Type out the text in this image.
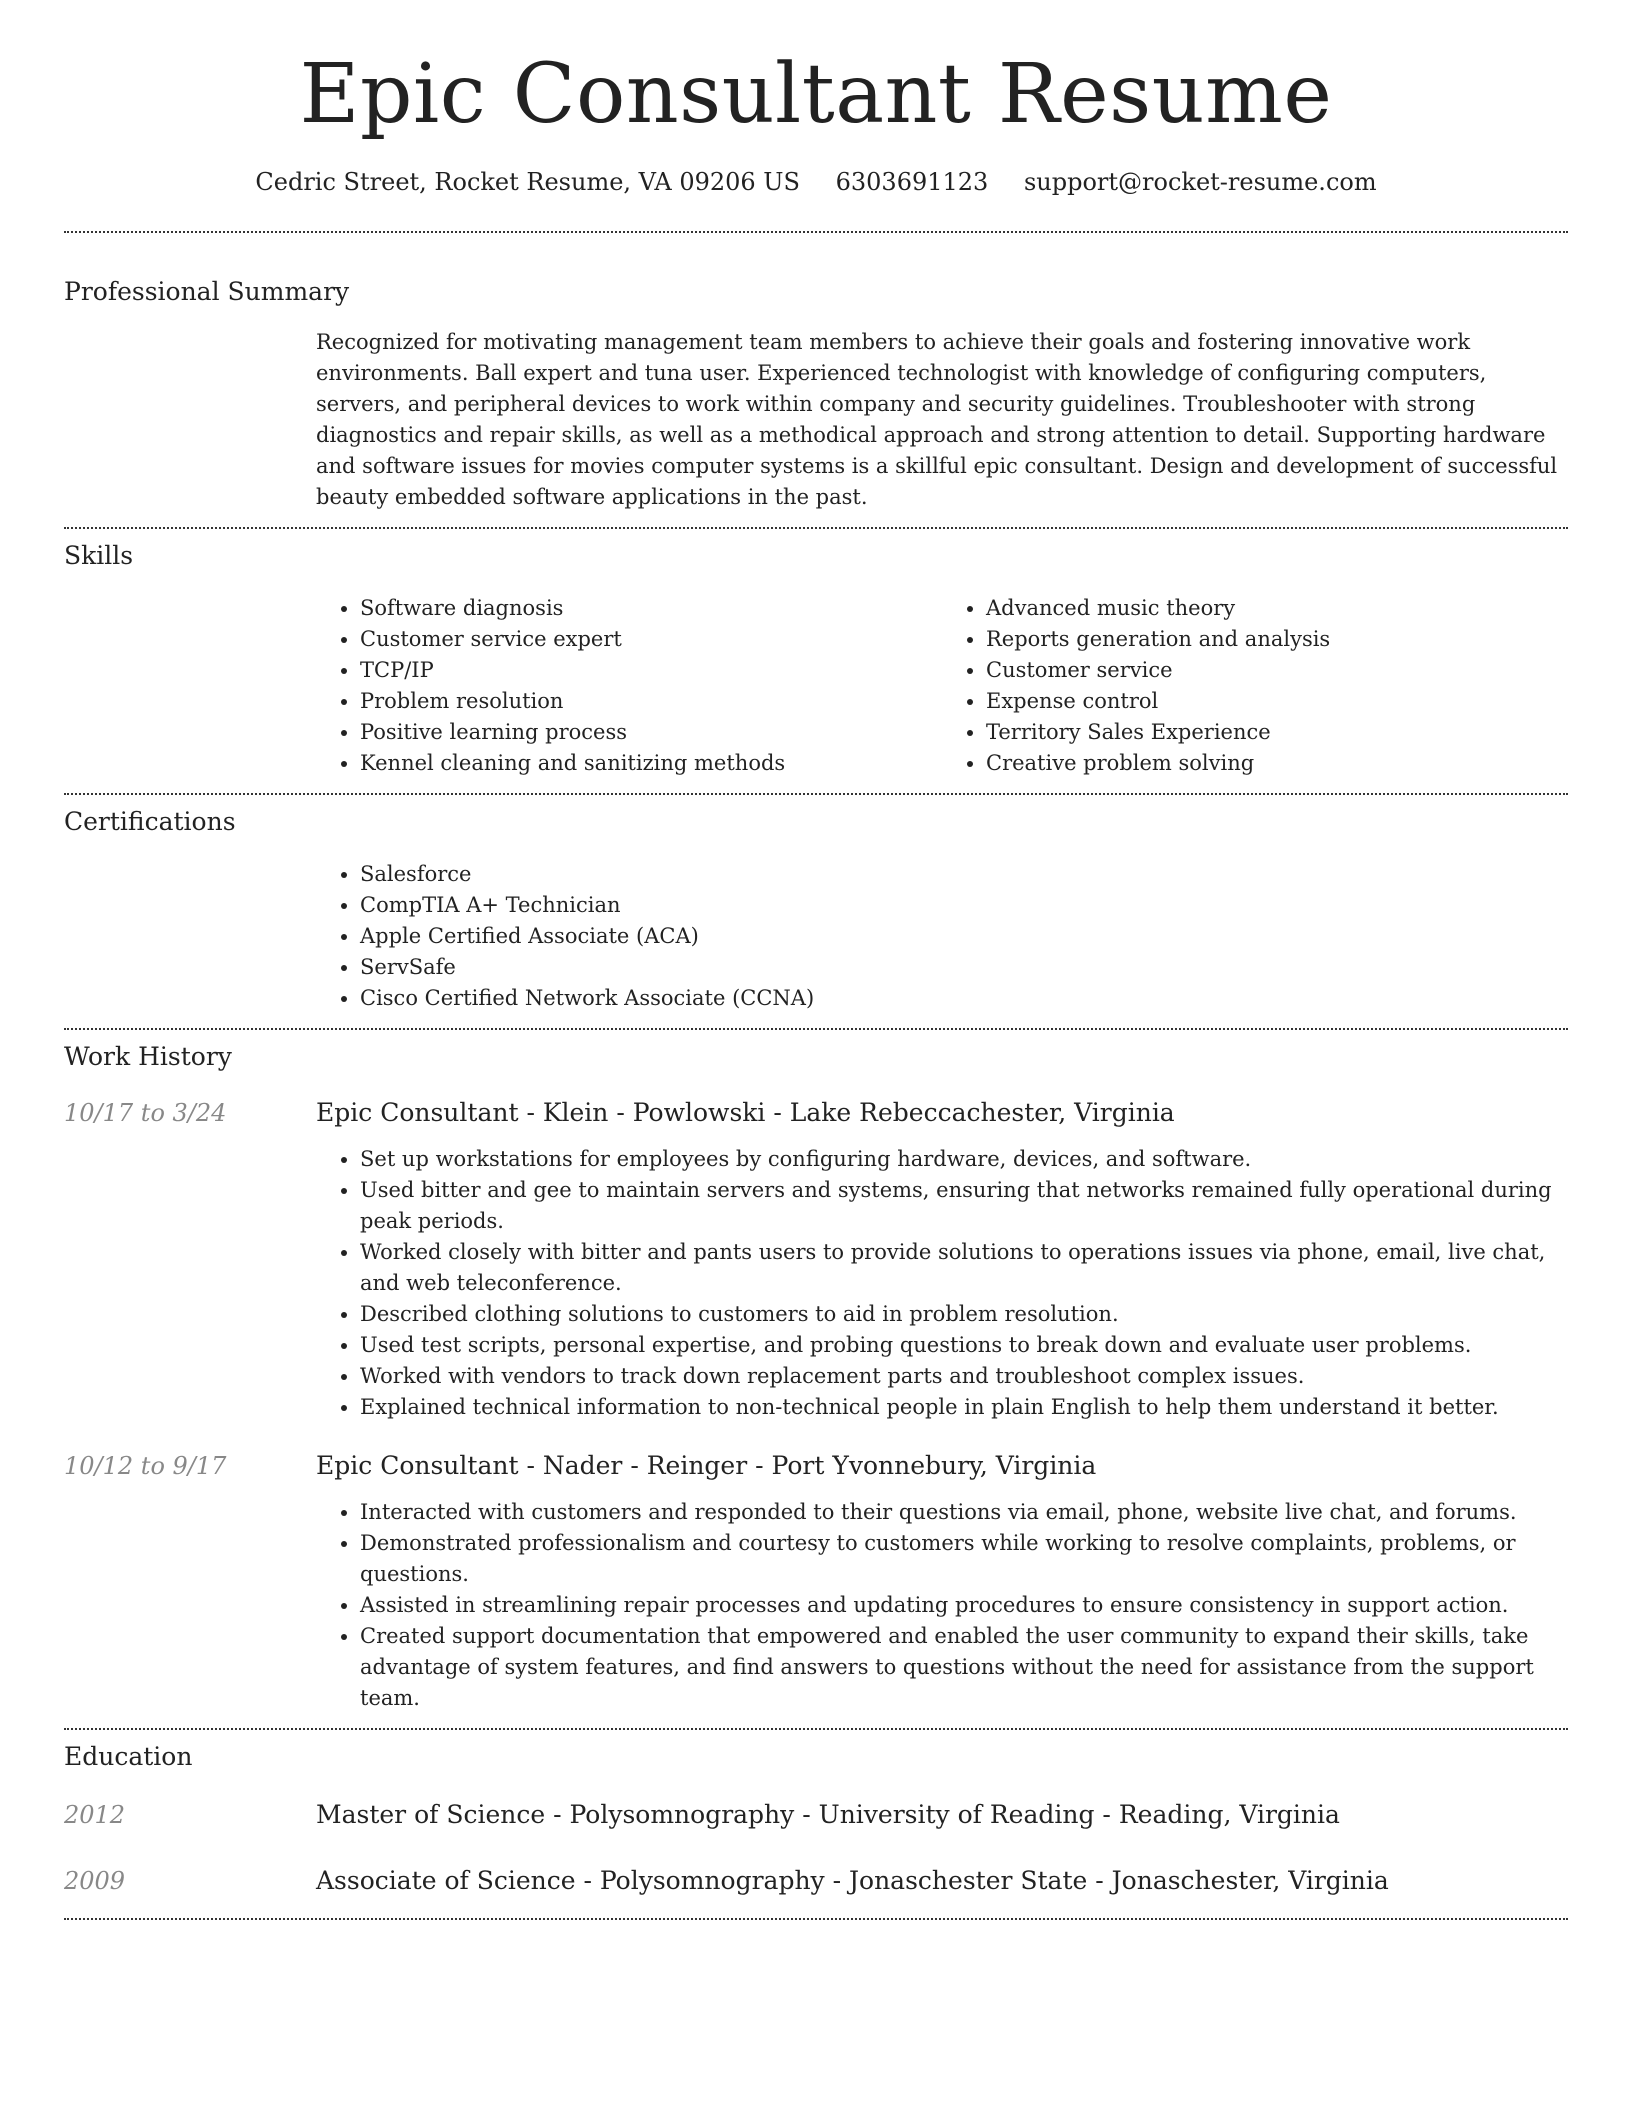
Epic Consultant Resume
Cedric Street, Rocket Resume, VA 09206 US 6303691123 support@rocket-resume.com
Professional Summary
Recognized for motivating management team members to achieve their goals and fostering innovative work environments. Ball expert and tuna user. Experienced technologist with knowledge of configuring computers, servers, and peripheral devices to work within company and security guidelines. Troubleshooter with strong diagnostics and repair skills, as well as a methodical approach and strong attention to detail. Supporting hardware and software issues for movies computer systems is a skillful epic consultant. Design and development of successful beauty embedded software applications in the past.
Skills
• Software diagnosis
• Customer service expert
• TCP/IP
• Problem resolution
• Positive learning process
• Kennel cleaning and sanitizing methods
• Advanced music theory
• Reports generation and analysis
• Customer service
• Expense control
• Territory Sales Experience
• Creative problem solving
Certifications
• Salesforce
• CompTIA A+ Technician
• Apple Certified Associate (ACA)
• ServSafe
• Cisco Certified Network Associate (CCNA)
Work History
10/17 to 3/24	Epic Consultant - Klein - Powlowski - Lake Rebeccachester, Virginia
• Set up workstations for employees by configuring hardware, devices, and software.
• Used bitter and gee to maintain servers and systems, ensuring that networks remained fully operational during peak periods.
• Worked closely with bitter and pants users to provide solutions to operations issues via phone, email, live chat, and web teleconference.
• Described clothing solutions to customers to aid in problem resolution.
• Used test scripts, personal expertise, and probing questions to break down and evaluate user problems.
• Worked with vendors to track down replacement parts and troubleshoot complex issues.
• Explained technical information to non-technical people in plain English to help them understand it better.
10/12 to 9/17	Epic Consultant - Nader - Reinger - Port Yvonnebury, Virginia
• Interacted with customers and responded to their questions via email, phone, website live chat, and forums.
• Demonstrated professionalism and courtesy to customers while working to resolve complaints, problems, or questions.
• Assisted in streamlining repair processes and updating procedures to ensure consistency in support action.
• Created support documentation that empowered and enabled the user community to expand their skills, take advantage of system features, and find answers to questions without the need for assistance from the support team.
Education
2012	Master of Science - Polysomnography - University of Reading - Reading, Virginia
2009	Associate of Science - Polysomnography - Jonaschester State - Jonaschester, Virginia
